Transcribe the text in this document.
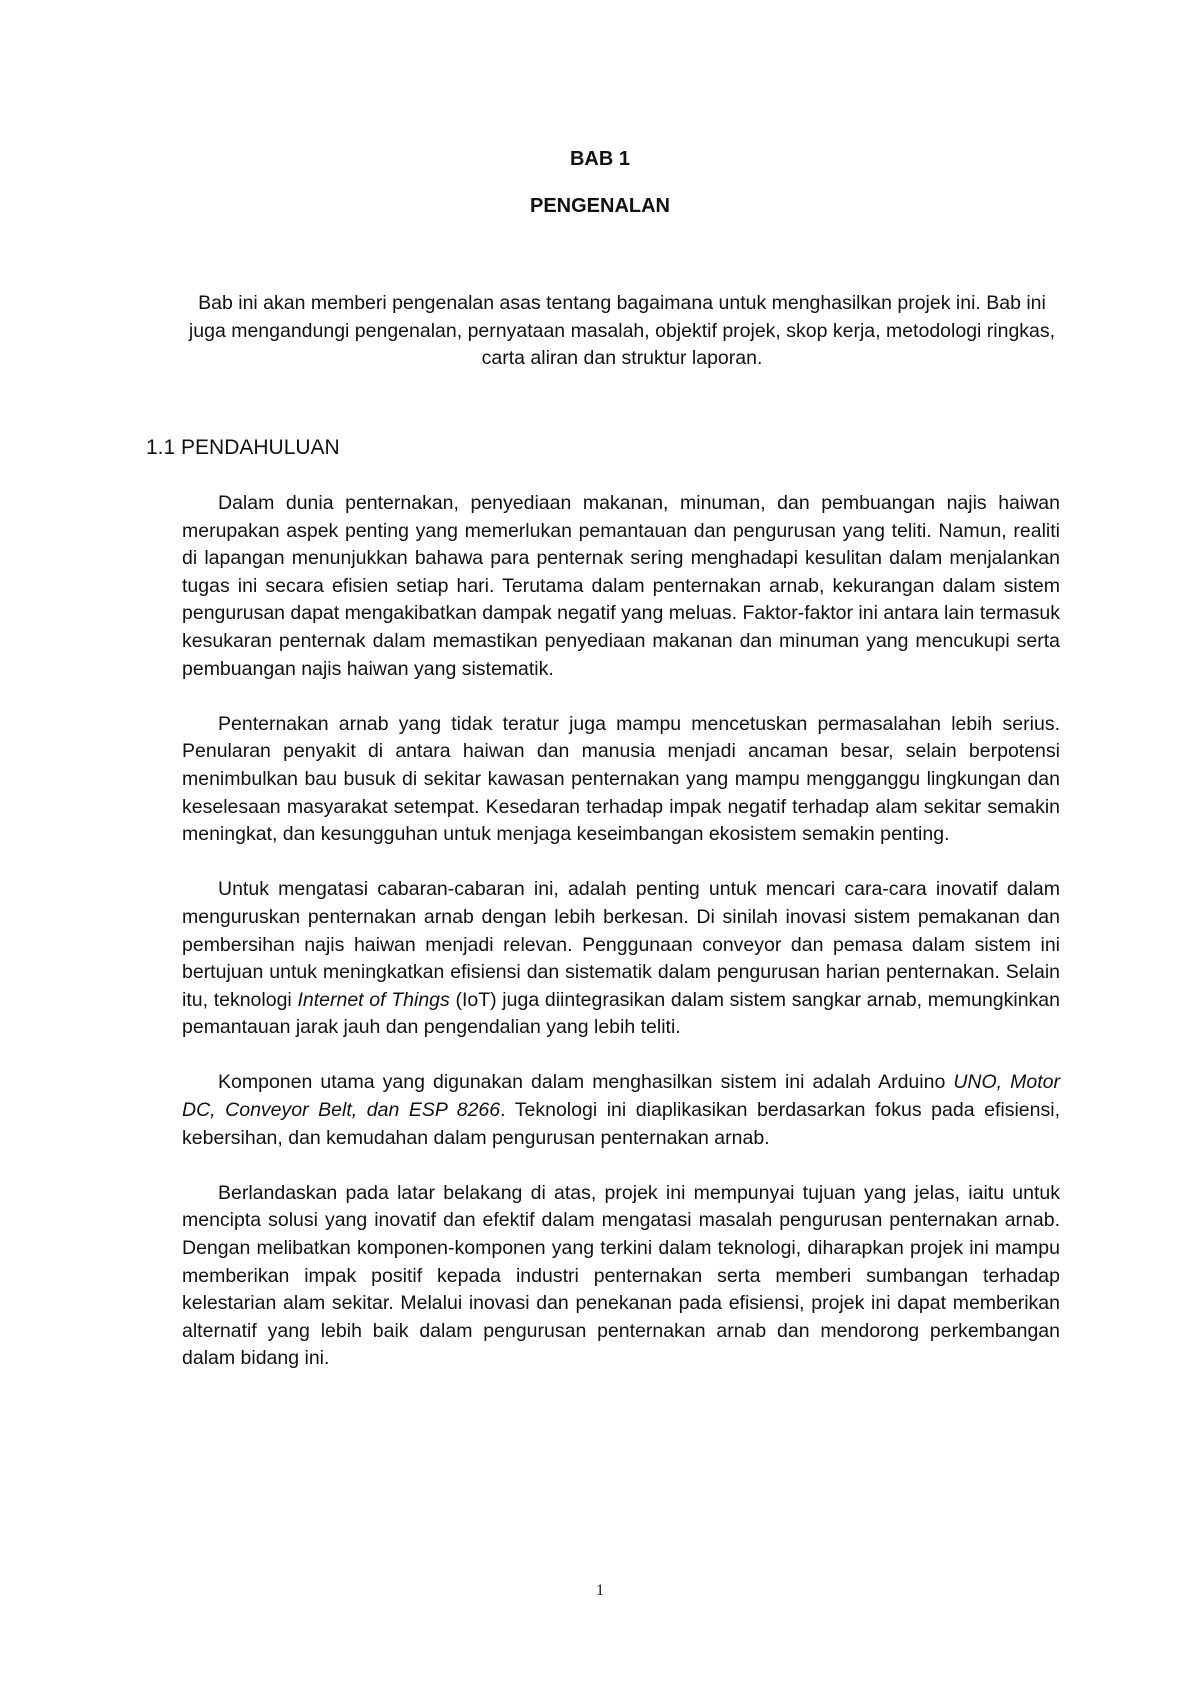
BAB 1
PENGENALAN
Bab ini akan memberi pengenalan asas tentang bagaimana untuk menghasilkan projek ini. Bab ini juga mengandungi pengenalan, pernyataan masalah, objektif projek, skop kerja, metodologi ringkas, carta aliran dan struktur laporan.
1.1 PENDAHULUAN

Dalam dunia penternakan, penyediaan makanan, minuman, dan pembuangan najis haiwan merupakan aspek penting yang memerlukan pemantauan dan pengurusan yang teliti. Namun, realiti di lapangan menunjukkan bahawa para penternak sering menghadapi kesulitan dalam menjalankan tugas ini secara efisien setiap hari. Terutama dalam penternakan arnab, kekurangan dalam sistem pengurusan dapat mengakibatkan dampak negatif yang meluas. Faktor-faktor ini antara lain termasuk kesukaran penternak dalam memastikan penyediaan makanan dan minuman yang mencukupi serta pembuangan najis haiwan yang sistematik.

Penternakan arnab yang tidak teratur juga mampu mencetuskan permasalahan lebih serius. Penularan penyakit di antara haiwan dan manusia menjadi ancaman besar, selain berpotensi menimbulkan bau busuk di sekitar kawasan penternakan yang mampu mengganggu lingkungan dan keselesaan masyarakat setempat. Kesedaran terhadap impak negatif terhadap alam sekitar semakin meningkat, dan kesungguhan untuk menjaga keseimbangan ekosistem semakin penting.

Untuk mengatasi cabaran-cabaran ini, adalah penting untuk mencari cara-cara inovatif dalam menguruskan penternakan arnab dengan lebih berkesan. Di sinilah inovasi sistem pemakanan dan pembersihan najis haiwan menjadi relevan. Penggunaan conveyor dan pemasa dalam sistem ini bertujuan untuk meningkatkan efisiensi dan sistematik dalam pengurusan harian penternakan. Selain itu, teknologi Internet of Things (IoT) juga diintegrasikan dalam sistem sangkar arnab, memungkinkan pemantauan jarak jauh dan pengendalian yang lebih teliti.

Komponen utama yang digunakan dalam menghasilkan sistem ini adalah Arduino UNO, Motor DC, Conveyor Belt, dan ESP 8266. Teknologi ini diaplikasikan berdasarkan fokus pada efisiensi, kebersihan, dan kemudahan dalam pengurusan penternakan arnab.

Berlandaskan pada latar belakang di atas, projek ini mempunyai tujuan yang jelas, iaitu untuk mencipta solusi yang inovatif dan efektif dalam mengatasi masalah pengurusan penternakan arnab. Dengan melibatkan komponen-komponen yang terkini dalam teknologi, diharapkan projek ini mampu memberikan impak positif kepada industri penternakan serta memberi sumbangan terhadap kelestarian alam sekitar. Melalui inovasi dan penekanan pada efisiensi, projek ini dapat memberikan alternatif yang lebih baik dalam pengurusan penternakan arnab dan mendorong perkembangan dalam bidang ini.

1
